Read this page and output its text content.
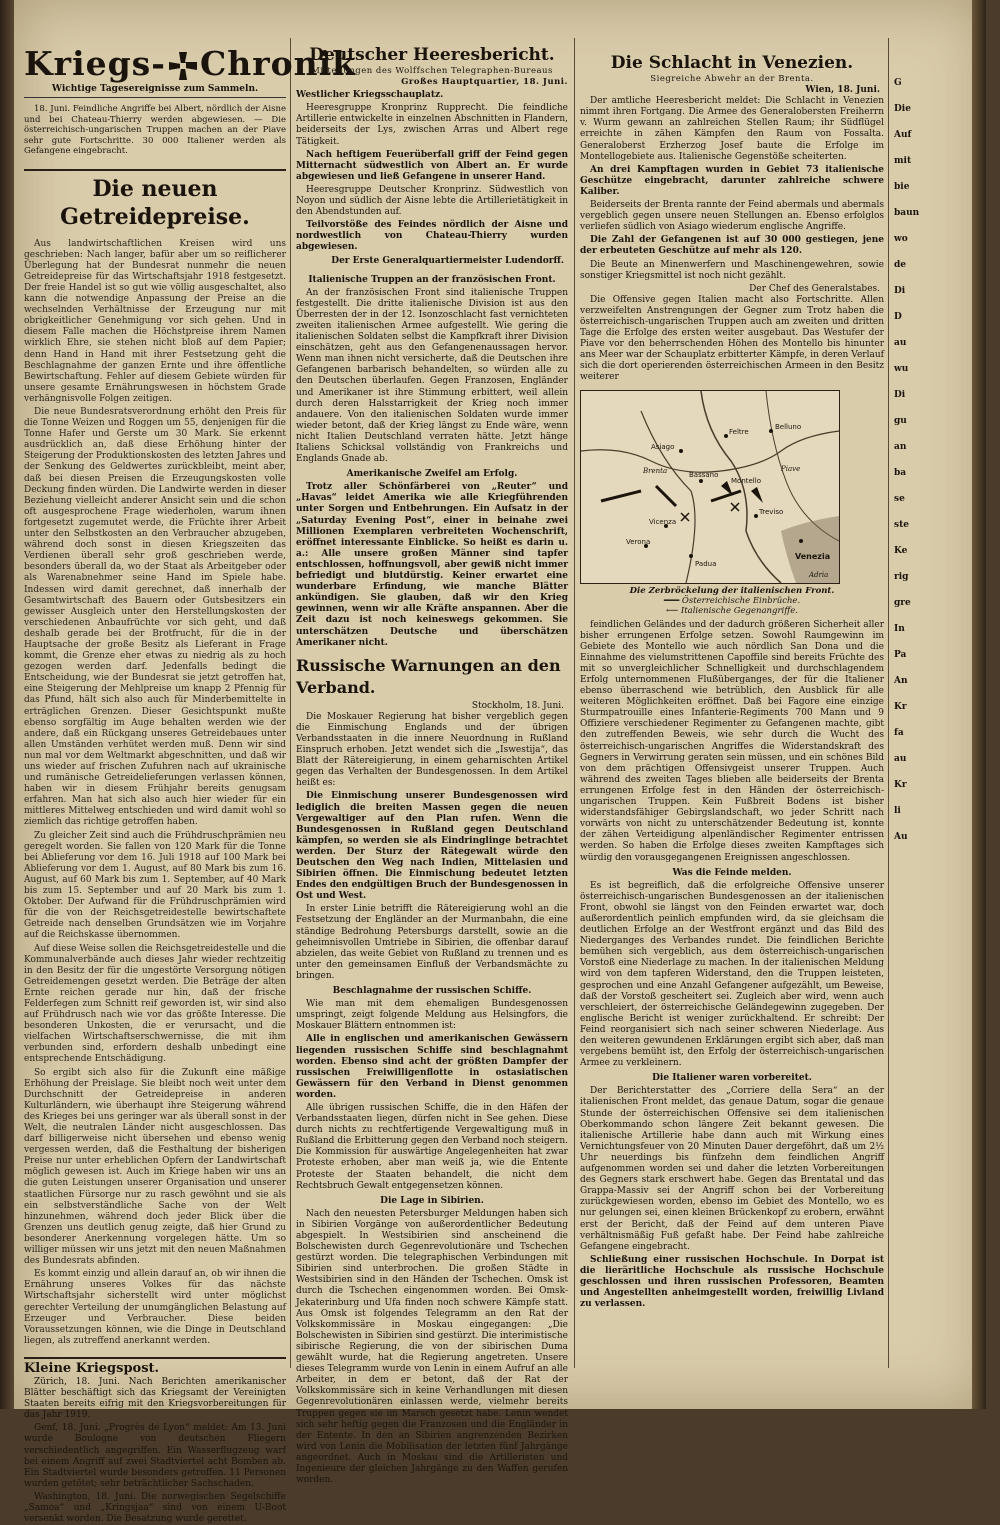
Kriegs- Chronik
Wichtige Tagesereignisse zum Sammeln.

18. Juni. Feindliche Angriffe bei Albert, nördlich der Aisne und bei Chateau-Thierry werden abgewiesen. — Die österreichisch-ungarischen Truppen machen an der Piave sehr gute Fortschritte. 30 000 Italiener werden als Gefangene eingebracht.

Die neuen Getreidepreise.

Aus landwirtschaftlichen Kreisen wird uns geschrieben: Nach langer, bafür aber um so reiflicherer Überlegung hat der Bundesrat nunmehr die neuen Getreidepreise für das Wirtschaftsjahr 1918 festgesetzt. Der freie Handel ist so gut wie völlig ausgeschaltet, also kann die notwendige Anpassung der Preise an die wechselnden Verhältnisse der Erzeugung nur mit obrigkeitlicher Genehmigung vor sich gehen. Und in diesem Falle machen die Höchstpreise ihrem Namen wirklich Ehre, sie stehen nicht bloß auf dem Papier; denn Hand in Hand mit ihrer Festsetzung geht die Beschlagnahme der ganzen Ernte und ihre öffentliche Bewirtschaftung. Fehler auf diesem Gebiete würden für unsere gesamte Ernährungswesen in höchstem Grade verhängnisvolle Folgen zeitigen.

Die neue Bundesratsverordnung erhöht den Preis für die Tonne Weizen und Roggen um 55, denjenigen für die Tonne Hafer und Gerste um 30 Mark. Sie erkennt ausdrücklich an, daß diese Erhöhung hinter der Steigerung der Produktionskosten des letzten Jahres und der Senkung des Geldwertes zurückbleibt, meint aber, daß bei diesen Preisen die Erzeugungskosten volle Deckung finden würden. Die Landwirte werden in dieser Beziehung vielleicht anderer Ansicht sein und die schon oft ausgesprochene Frage wiederholen, warum ihnen fortgesetzt zugemutet werde, die Früchte ihrer Arbeit unter den Selbstkosten an den Verbraucher abzugeben, während doch sonst in diesen Kriegszeiten das Verdienen überall sehr groß geschrieben werde, besonders überall da, wo der Staat als Arbeitgeber oder als Warenabnehmer seine Hand im Spiele habe. Indessen wird damit gerechnet, daß innerhalb der Gesamtwirtschaft des Bauern oder Gutsbesitzers ein gewisser Ausgleich unter den Herstellungskosten der verschiedenen Anbaufrüchte vor sich geht, und daß deshalb gerade bei der Brotfrucht, für die in der Hauptsache der große Besitz als Lieferant in Frage kommt, die Grenze eher etwas zu niedrig als zu hoch gezogen werden darf. Jedenfalls bedingt die Entscheidung, wie der Bundesrat sie jetzt getroffen hat, eine Steigerung der Mehlpreise um knapp 2 Pfennig für das Pfund, hält sich also auch für Minderbemittelte in erträglichen Grenzen. Dieser Gesichtspunkt mußte ebenso sorgfältig im Auge behalten werden wie der andere, daß ein Rückgang unseres Getreidebaues unter allen Umständen verhütet werden muß. Denn wir sind nun mal vor dem Weltmarkt abgeschnitten, und daß wir uns wieder auf frischen Zufuhren nach auf ukrainische und rumänische Getreidelieferungen verlassen können, haben wir in diesem Frühjahr bereits genugsam erfahren. Man hat sich also auch hier wieder für ein mittleres Mittelweg entschieden und wird damit wohl so ziemlich das richtige getroffen haben.

Zu gleicher Zeit sind auch die Frühdruschprämien neu geregelt worden. Sie fallen von 120 Mark für die Tonne bei Ablieferung vor dem 16. Juli 1918 auf 100 Mark bei Ablieferung vor dem 1. August, auf 80 Mark bis zum 16. August, auf 60 Mark bis zum 1. September, auf 40 Mark bis zum 15. September und auf 20 Mark bis zum 1. Oktober. Der Aufwand für die Frühdruschprämien wird für die von der Reichsgetreidestelle bewirtschaftete Getreide nach denselben Grundsätzen wie im Vorjahre auf die Reichskasse übernommen.

Auf diese Weise sollen die Reichsgetreidestelle und die Kommunalverbände auch dieses Jahr wieder rechtzeitig in den Besitz der für die ungestörte Versorgung nötigen Getreidemengen gesetzt werden. Die Beträge der alten Ernte reichen gerade nur hin, daß der frische Felderfegen zum Schnitt reif geworden ist, wir sind also auf Frühdrusch nach wie vor das größte Interesse. Die besonderen Unkosten, die er verursacht, und die vielfachen Wirtschaftserschwernisse, die mit ihm verbunden sind, erfordern deshalb unbedingt eine entsprechende Entschädigung.

So ergibt sich also für die Zukunft eine mäßige Erhöhung der Preislage. Sie bleibt noch weit unter dem Durchschnitt der Getreidepreise in anderen Kulturländern, wie überhaupt ihre Steigerung während des Krieges bei uns geringer war als überall sonst in der Welt, die neutralen Länder nicht ausgeschlossen. Das darf billigerweise nicht übersehen und ebenso wenig vergessen werden, daß die Festhaltung der bisherigen Preise nur unter erheblichen Opfern der Landwirtschaft möglich gewesen ist. Auch im Kriege haben wir uns an die guten Leistungen unserer Organisation und unserer staatlichen Fürsorge nur zu rasch gewöhnt und sie als ein selbstverständliche Sache von der Welt hinzunehmen, während doch jeder Blick über die Grenzen uns deutlich genug zeigte, daß hier Grund zu besonderer Anerkennung vorgelegen hätte. Um so williger müssen wir uns jetzt mit den neuen Maßnahmen des Bundesrats abfinden.

Es kommt einzig und allein darauf an, ob wir ihnen die Ernährung unseres Volkes für das nächste Wirtschaftsjahr sicherstellt wird unter möglichst gerechter Verteilung der unumgänglichen Belastung auf Erzeuger und Verbraucher. Diese beiden Voraussetzungen können, wie die Dinge in Deutschland liegen, als zutreffend anerkannt werden.

Kleine Kriegspost.

Zürich, 18. Juni. Nach Berichten amerikanischer Blätter beschäftigt sich das Kriegsamt der Vereinigten Staaten bereits eifrig mit den Kriegsvorbereitungen für das Jahr 1919.

Genf, 18. Juni. „Progrès de Lyon“ meldet: Am 13. Juni wurde Boulogne von deutschen Fliegern verschiedentlich angegriffen. Ein Wasserflugzeug warf bei einem Angriff auf zwei Stadtviertel acht Bomben ab. Ein Stadtviertel wurde besonders getroffen. 11 Personen wurden getötet; sehr beträchtlicher Sachschaden.

Washington, 18. Juni. Die norwegischen Segelschiffe „Samoa“ und „Kringsjaa“ sind von einem U-Boot versenkt worden. Die Besatzung wurde gerettet.

Deutscher Heeresbericht.
Mitteilungen des Wolffschen Telegraphen-Bureaus
Großes Hauptquartier, 18. Juni.
Westlicher Kriegsschauplatz.

Heeresgruppe Kronprinz Rupprecht. Die feindliche Artillerie entwickelte in einzelnen Abschnitten in Flandern, beiderseits der Lys, zwischen Arras und Albert rege Tätigkeit.

Nach heftigem Feuerüberfall griff der Feind gegen Mitternacht südwestlich von Albert an. Er wurde abgewiesen und ließ Gefangene in unserer Hand.

Heeresgruppe Deutscher Kronprinz. Südwestlich von Noyon und südlich der Aisne lebte die Artillerietätigkeit in den Abendstunden auf.

Teilvorstöße des Feindes nördlich der Aisne und nordwestlich von Chateau-Thierry wurden abgewiesen.

Der Erste Generalquartiermeister Ludendorff.
Italienische Truppen an der französischen Front.

An der französischen Front sind italienische Truppen festgestellt. Die dritte italienische Division ist aus den Überresten der in der 12. Isonzoschlacht fast vernichteten zweiten italienischen Armee aufgestellt. Wie gering die italienischen Soldaten selbst die Kampfkraft ihrer Division einschätzen, geht aus den Gefangenenaussagen hervor. Wenn man ihnen nicht versicherte, daß die Deutschen ihre Gefangenen barbarisch behandelten, so würden alle zu den Deutschen überlaufen. Gegen Franzosen, Engländer und Amerikaner ist ihre Stimmung erbittert, weil allein durch deren Halsstarrigkeit der Krieg noch immer andauere. Von den italienischen Soldaten wurde immer wieder betont, daß der Krieg längst zu Ende wäre, wenn nicht Italien Deutschland verraten hätte. Jetzt hänge Italiens Schicksal vollständig von Frankreichs und Englands Gnade ab.

Amerikanische Zweifel am Erfolg.

Trotz aller Schönfärberei von „Reuter“ und „Havas“ leidet Amerika wie alle Kriegführenden unter Sorgen und Entbehrungen. Ein Aufsatz in der „Saturday Evening Post“, einer in beinahe zwei Millionen Exemplaren verbreiteten Wochenschrift, eröffnet interessante Einblicke. So heißt es darin u. a.: Alle unsere großen Männer sind tapfer entschlossen, hoffnungsvoll, aber gewiß nicht immer befriedigt und blutdürstig. Keiner erwartet eine wunderbare Erfindung, wie manche Blätter ankündigen. Sie glauben, daß wir den Krieg gewinnen, wenn wir alle Kräfte anspannen. Aber die Zeit dazu ist noch keineswegs gekommen. Sie unterschätzen Deutsche und überschätzen Amerikaner nicht.

Russische Warnungen an den Verband.
Stockholm, 18. Juni.

Die Moskauer Regierung hat bisher vergeblich gegen die Einmischung Englands und der übrigen Verbandsstaaten in die innere Neuordnung in Rußland Einspruch erhoben. Jetzt wendet sich die „Iswestija“, das Blatt der Rätereigierung, in einem geharnischten Artikel gegen das Verhalten der Bundesgenossen. In dem Artikel heißt es:

Die Einmischung unserer Bundesgenossen wird lediglich die breiten Massen gegen die neuen Vergewaltiger auf den Plan rufen. Wenn die Bundesgenossen in Rußland gegen Deutschland kämpfen, so werden sie als Eindringlinge betrachtet werden. Der Sturz der Rätegewalt würde den Deutschen den Weg nach Indien, Mittelasien und Sibirien öffnen. Die Einmischung bedeutet letzten Endes den endgültigen Bruch der Bundesgenossen in Ost und West.

In erster Linie betrifft die Rätereigierung wohl an die Festsetzung der Engländer an der Murmanbahn, die eine ständige Bedrohung Petersburgs darstellt, sowie an die geheimnisvollen Umtriebe in Sibirien, die offenbar darauf abzielen, das weite Gebiet von Rußland zu trennen und es unter den gemeinsamen Einfluß der Verbandsmächte zu bringen.

Beschlagnahme der russischen Schiffe.

Wie man mit dem ehemaligen Bundesgenossen umspringt, zeigt folgende Meldung aus Helsingfors, die Moskauer Blättern entnommen ist:

Alle in englischen und amerikanischen Gewässern liegenden russischen Schiffe sind beschlagnahmt worden. Ebenso sind acht der größten Dampfer der russischen Freiwilligenflotte in ostasiatischen Gewässern für den Verband in Dienst genommen worden.

Alle übrigen russischen Schiffe, die in den Häfen der Verbandsstaaten liegen, dürfen nicht in See gehen. Diese durch nichts zu rechtfertigende Vergewaltigung muß in Rußland die Erbitterung gegen den Verband noch steigern. Die Kommission für auswärtige Angelegenheiten hat zwar Proteste erhoben, aber man weiß ja, wie die Entente Proteste der Staaten behandelt, die nicht dem Rechtsbruch Gewalt entgegensetzen können.

Die Lage in Sibirien.

Nach den neuesten Petersburger Meldungen haben sich in Sibirien Vorgänge von außerordentlicher Bedeutung abgespielt. In Westsibirien sind anscheinend die Bolschewisten durch Gegenrevolutionäre und Tschechen gestürzt worden. Die telegraphischen Verbindungen mit Sibirien sind unterbrochen. Die großen Städte in Westsibirien sind in den Händen der Tschechen. Omsk ist durch die Tschechen eingenommen worden. Bei Omsk-Jekaterinburg und Ufa finden noch schwere Kämpfe statt. Aus Omsk ist folgendes Telegramm an den Rat der Volkskommissäre in Moskau eingegangen: „Die Bolschewisten in Sibirien sind gestürzt. Die interimistische sibirische Regierung, die von der sibirischen Duma gewählt wurde, hat die Regierung angetreten. Unsere dieses Telegramm wurde von Lenin in einem Aufruf an alle Arbeiter, in dem er betont, daß der Rat der Volkskommissäre sich in keine Verhandlungen mit diesen Gegenrevolutionären einlassen werde, vielmehr bereits Truppen gegen sie im Marsch gesetzt habe. Lenin wendet sich sehr heftig gegen die Franzosen und die Engländer in der Entente. In den an Sibirien angrenzenden Bezirken wird von Lenin die Mobilisation der letzten fünf Jahrgänge angeordnet. Auch in Moskau sind die Artilleristen und Ingenieure der gleichen Jahrgänge zu den Waffen gerufen worden.

Die Schlacht in Venezien.
Siegreiche Abwehr an der Brenta.
Wien, 18. Juni.

Der amtliche Heeresbericht meldet: Die Schlacht in Venezien nimmt ihren Fortgang. Die Armee des Generalobersten Freiherrn v. Wurm gewann an zahlreichen Stellen Raum; ihr Südflügel erreichte in zähen Kämpfen den Raum von Fossalta. Generaloberst Erzherzog Josef baute die Erfolge im Montellogebiete aus. Italienische Gegenstöße scheiterten.

An drei Kampftagen wurden in Gebiet 73 italienische Geschütze eingebracht, darunter zahlreiche schwere Kaliber.

Beiderseits der Brenta rannte der Feind abermals und abermals vergeblich gegen unsere neuen Stellungen an. Ebenso erfolglos verliefen südlich von Asiago wiederum englische Angriffe.

Die Zahl der Gefangenen ist auf 30 000 gestiegen, jene der erbeuteten Geschütze auf mehr als 120.

Die Beute an Minenwerfern und Maschinengewehren, sowie sonstiger Kriegsmittel ist noch nicht gezählt.

Der Chef des Generalstabes.

Die Offensive gegen Italien macht also Fortschritte. Allen verzweifelten Anstrengungen der Gegner zum Trotz haben die österreichisch-ungarischen Truppen auch am zweiten und dritten Tage die Erfolge des ersten weiter ausgebaut. Das Westufer der Piave vor den beherrschenden Höhen des Montello bis hinunter ans Meer war der Schauplatz erbitterter Kämpfe, in deren Verlauf sich die dort operierenden österreichischen Armeen in den Besitz weiterer

Bassano
Asiago
Belluno
Feltre
Montello
Treviso
Venezia
Verona
Vicenza
Padua
Piave
Brenta
Adria
Die Zerbröckelung der italienischen Front.
━━━ Österreichische Einbrüche.
⟵ Italienische Gegenangriffe.

feindlichen Geländes und der dadurch größeren Sicherheit aller bisher errungenen Erfolge setzen. Sowohl Raumgewinn im Gebiete des Montello wie auch nördlich San Dona und die Einnahme des vielumstrittenen Capoffile sind bereits Früchte des mit so unvergleichlicher Schnelligkeit und durchschlagendem Erfolg unternommenen Flußüberganges, der für die Italiener ebenso überraschend wie betrüblich, den Ausblick für alle weiteren Möglichkeiten eröffnet. Daß bei Fagore eine einzige Sturmpatrouille eines Infanterie-Regiments 700 Mann und 9 Offiziere verschiedener Regimenter zu Gefangenen machte, gibt den zutreffenden Beweis, wie sehr durch die Wucht des österreichisch-ungarischen Angriffes die Widerstandskraft des Gegners in Verwirrung geraten sein müssen, und ein schönes Bild von dem prächtigen Offensivgeist unserer Truppen. Auch während des zweiten Tages blieben alle beiderseits der Brenta errungenen Erfolge fest in den Händen der österreichisch-ungarischen Truppen. Kein Fußbreit Bodens ist bisher widerstandsfähiger Gebirgslandschaft, wo jeder Schritt nach vorwärts von nicht zu unterschätzender Bedeutung ist, konnte der zähen Verteidigung alpenländischer Regimenter entrissen werden. So haben die Erfolge dieses zweiten Kampftages sich würdig den vorausgegangenen Ereignissen angeschlossen.

Was die Feinde melden.

Es ist begreiflich, daß die erfolgreiche Offensive unserer österreichisch-ungarischen Bundesgenossen an der italienischen Front, obwohl sie längst von den Feinden erwartet war, doch außerordentlich peinlich empfunden wird, da sie gleichsam die deutlichen Erfolge an der Westfront ergänzt und das Bild des Niederganges des Verbandes rundet. Die feindlichen Berichte bemühen sich vergeblich, aus dem österreichisch-ungarischen Vorstoß eine Niederlage zu machen. In der italienischen Meldung wird von dem tapferen Widerstand, den die Truppen leisteten, gesprochen und eine Anzahl Gefangener aufgezählt, um Beweise, daß der Vorstoß gescheitert sei. Zugleich aber wird, wenn auch verschleiert, der österreichische Geländegewinn zugegeben. Der englische Bericht ist weniger zurückhaltend. Er schreibt: Der Feind reorganisiert sich nach seiner schweren Niederlage. Aus den weiteren gewundenen Erklärungen ergibt sich aber, daß man vergebens bemüht ist, den Erfolg der österreichisch-ungarischen Armee zu verkleinern.

Die Italiener waren vorbereitet.

Der Berichterstatter des „Corriere della Sera“ an der italienischen Front meldet, das genaue Datum, sogar die genaue Stunde der österreichischen Offensive sei dem italienischen Oberkommando schon längere Zeit bekannt gewesen. Die italienische Artillerie habe dann auch mit Wirkung eines Vernichtungsfeuer von 20 Minuten Dauer dergeföhrt, daß um 2½ Uhr neuerdings bis fünfzehn dem feindlichen Angriff aufgenommen worden sei und daher die letzten Vorbereitungen des Gegners stark erschwert habe. Gegen das Brentatal und das Grappa-Massiv sei der Angriff schon bei der Vorbereitung zurückgewiesen worden, ebenso im Gebiet des Montello, wo es nur gelungen sei, einen kleinen Brückenkopf zu erobern, erwähnt erst der Bericht, daß der Feind auf dem unteren Piave verhältnismäßig Fuß gefaßt habe. Der Feind habe zahlreiche Gefangene eingebracht.

Schließung einer russischen Hochschule. In Dorpat ist die lieräritliche Hochschule als russische Hochschule geschlossen und ihren russischen Professoren, Beamten und Angestellten anheimgestellt worden, freiwillig Livland zu verlassen.

G
Die
Auf
mit
bie
baun
wo
de
Di
D
au
wu
Di
gu
an
ba
se
ste
Ke
rig
gre
In
Pa
An
Kr
fa
au
Kr
li
Au
